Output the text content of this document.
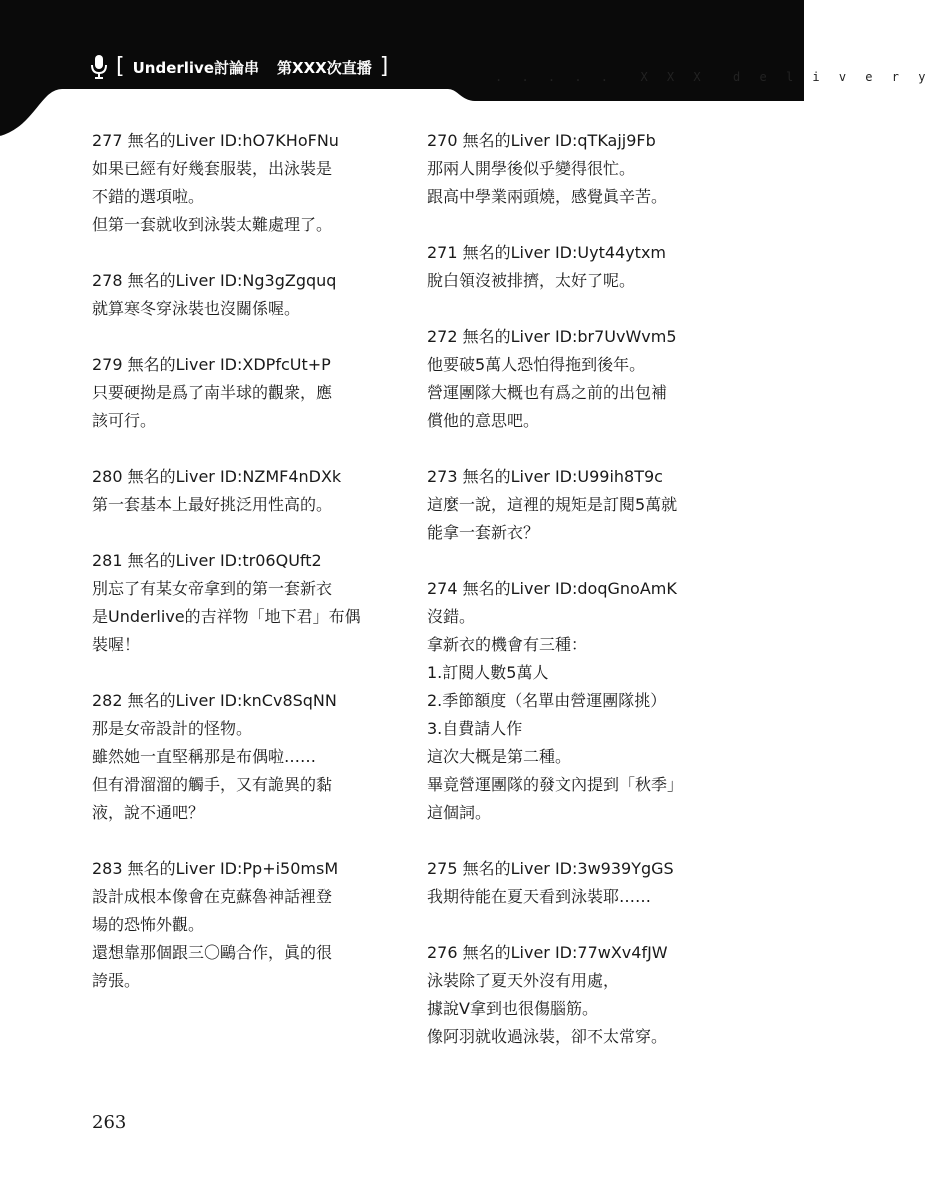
[ Underlive討論串 第XXX次直播 ]	. . . . .  X X X  d e l i v e r y
277 無名的Liver ID:hO7KHoFNu
如果已經有好幾套服裝，出泳裝是
不錯的選項啦。
但第一套就收到泳裝太難處理了。
278 無名的Liver ID:Ng3gZgquq
就算寒冬穿泳裝也沒關係喔。
279 無名的Liver ID:XDPfcUt+P
只要硬拗是爲了南半球的觀衆，應
該可行。
280 無名的Liver ID:NZMF4nDXk
第一套基本上最好挑泛用性高的。
281 無名的Liver ID:tr06QUft2
別忘了有某女帝拿到的第一套新衣
是Underlive的吉祥物「地下君」布偶
裝喔！
282 無名的Liver ID:knCv8SqNN
那是女帝設計的怪物。
雖然她一直堅稱那是布偶啦……
但有滑溜溜的觸手，又有詭異的黏
液，說不通吧？
283 無名的Liver ID:Pp+i50msM
設計成根本像會在克蘇魯神話裡登
場的恐怖外觀。
還想靠那個跟三〇鷗合作，眞的很
誇張。
270 無名的Liver ID:qTKajj9Fb
那兩人開學後似乎變得很忙。
跟高中學業兩頭燒，感覺眞辛苦。
271 無名的Liver ID:Uyt44ytxm
脫白領沒被排擠，太好了呢。
272 無名的Liver ID:br7UvWvm5
他要破5萬人恐怕得拖到後年。
營運團隊大概也有爲之前的出包補
償他的意思吧。
273 無名的Liver ID:U99ih8T9c
這麼一說，這裡的規矩是訂閱5萬就
能拿一套新衣？
274 無名的Liver ID:doqGnoAmK
沒錯。
拿新衣的機會有三種：
1.訂閱人數5萬人
2.季節額度（名單由營運團隊挑）
3.自費請人作
這次大概是第二種。
畢竟營運團隊的發文內提到「秋季」
這個詞。
275 無名的Liver ID:3w939YgGS
我期待能在夏天看到泳裝耶……
276 無名的Liver ID:77wXv4fJW
泳裝除了夏天外沒有用處，
據說V拿到也很傷腦筋。
像阿羽就收過泳裝，卻不太常穿。
263
